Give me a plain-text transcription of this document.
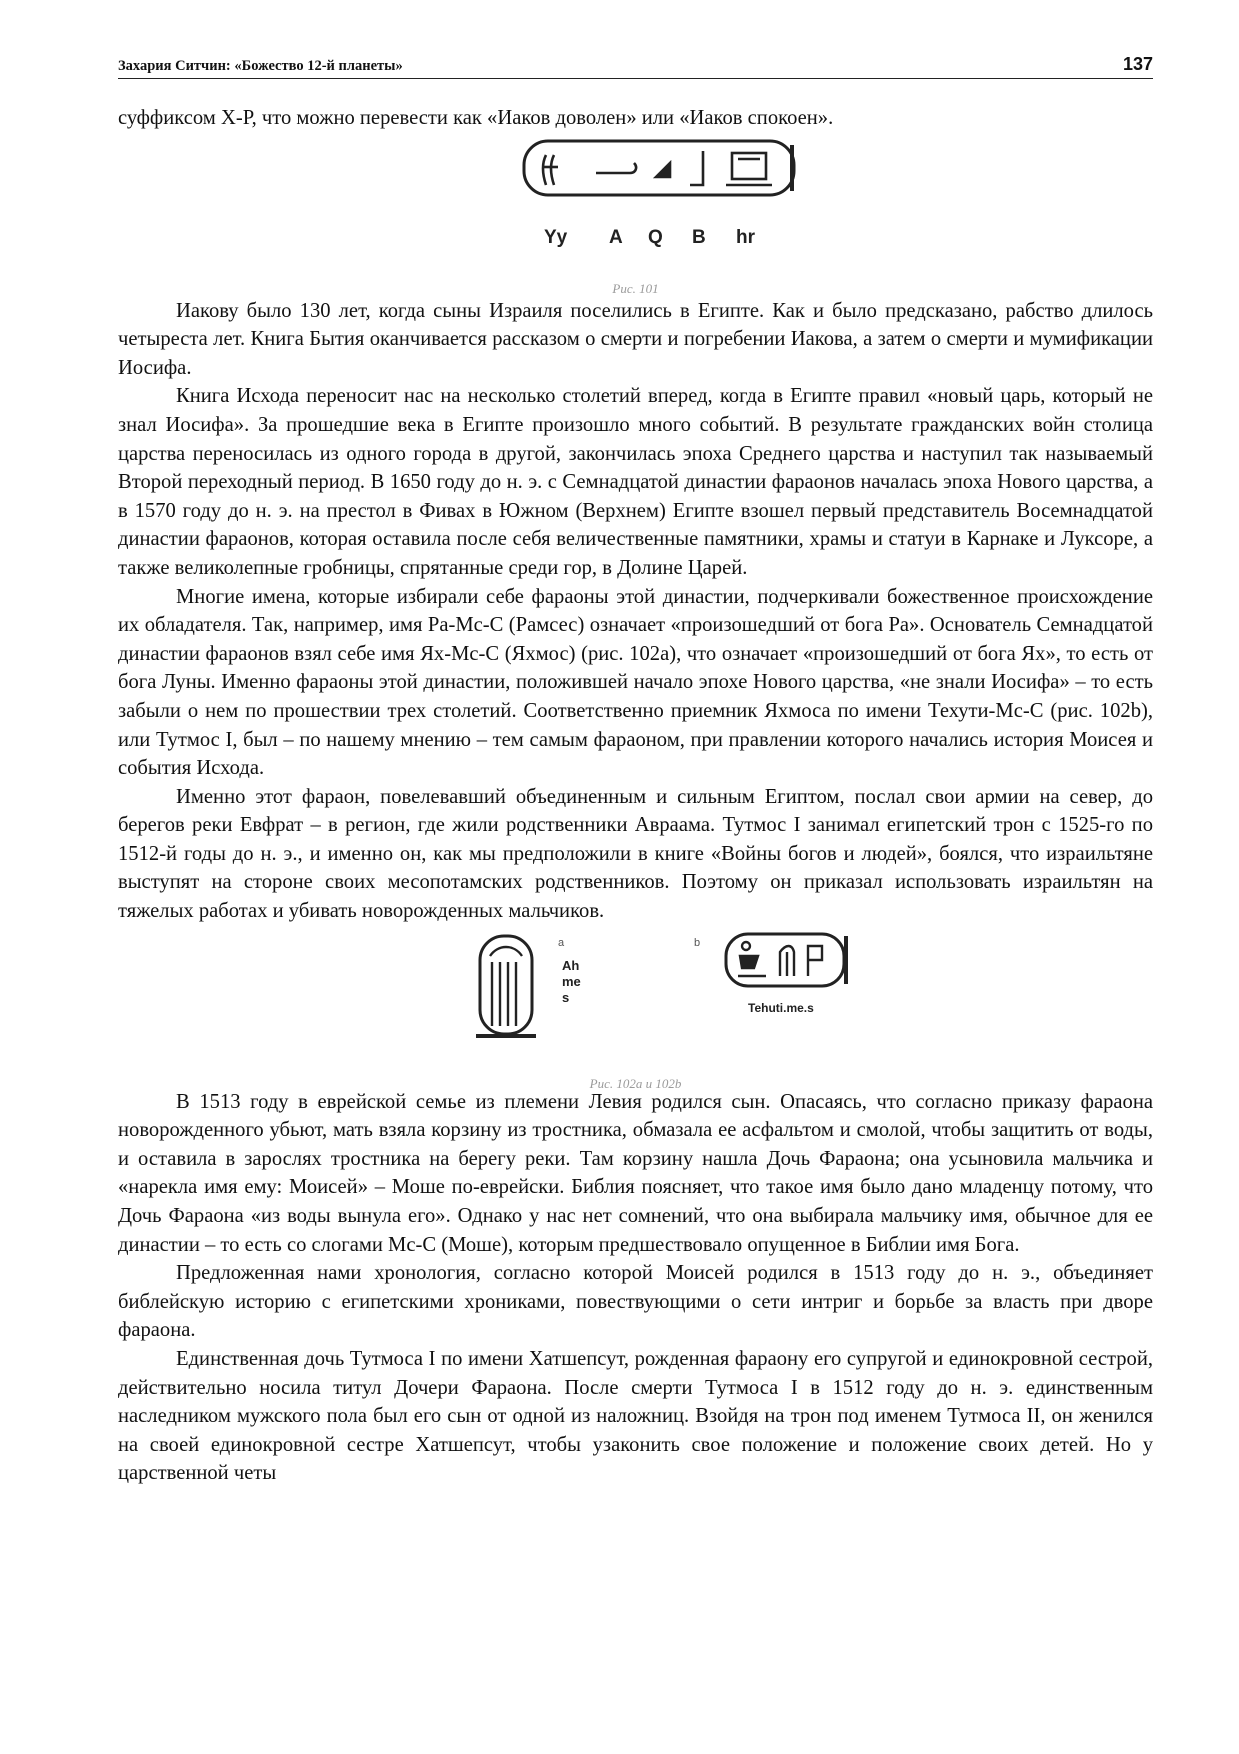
Захария Ситчин: «Божество 12-й планеты»	137

суффиксом Х-Р, что можно перевести как «Иаков доволен» или «Иаков спокоен».

Yy A Q B hr
Рис. 101

Иакову было 130 лет, когда сыны Израиля поселились в Египте. Как и было предсказано, рабство длилось четыреста лет. Книга Бытия оканчивается рассказом о смерти и погребении Иакова, а затем о смерти и мумификации Иосифа.

Книга Исхода переносит нас на несколько столетий вперед, когда в Египте правил «новый царь, который не знал Иосифа». За прошедшие века в Египте произошло много событий. В результате гражданских войн столица царства переносилась из одного города в другой, закончилась эпоха Среднего царства и наступил так называемый Второй переходный период. В 1650 году до н. э. с Семнадцатой династии фараонов началась эпоха Нового царства, а в 1570 году до н. э. на престол в Фивах в Южном (Верхнем) Египте взошел первый представитель Восемнадцатой династии фараонов, которая оставила после себя величественные памятники, храмы и статуи в Карнаке и Луксоре, а также великолепные гробницы, спрятанные среди гор, в Долине Царей.

Многие имена, которые избирали себе фараоны этой династии, подчеркивали божественное происхождение их обладателя. Так, например, имя Ра-Мс-С (Рамсес) означает «произошедший от бога Ра». Основатель Семнадцатой династии фараонов взял себе имя Ях-Мс-С (Яхмос) (рис. 102а), что означает «произошедший от бога Ях», то есть от бога Луны. Именно фараоны этой династии, положившей начало эпохе Нового царства, «не знали Иосифа» – то есть забыли о нем по прошествии трех столетий. Соответственно приемник Яхмоса по имени Техути-Мс-С (рис. 102b), или Тутмос I, был – по нашему мнению – тем самым фараоном, при правлении которого начались история Моисея и события Исхода.

Именно этот фараон, повелевавший объединенным и сильным Египтом, послал свои армии на север, до берегов реки Евфрат – в регион, где жили родственники Авраама. Тутмос I занимал египетский трон с 1525-го по 1512-й годы до н. э., и именно он, как мы предположили в книге «Войны богов и людей», боялся, что израильтяне выступят на стороне своих месопотамских родственников. Поэтому он приказал использовать израильтян на тяжелых работах и убивать новорожденных мальчиков.

a
Ah
me
s
b
Tehuti.me.s
Рис. 102a и 102b

В 1513 году в еврейской семье из племени Левия родился сын. Опасаясь, что согласно приказу фараона новорожденного убьют, мать взяла корзину из тростника, обмазала ее асфальтом и смолой, чтобы защитить от воды, и оставила в зарослях тростника на берегу реки. Там корзину нашла Дочь Фараона; она усыновила мальчика и «нарекла имя ему: Моисей» – Моше по-еврейски. Библия поясняет, что такое имя было дано младенцу потому, что Дочь Фараона «из воды вынула его». Однако у нас нет сомнений, что она выбирала мальчику имя, обычное для ее династии – то есть со слогами Мс-С (Моше), которым предшествовало опущенное в Библии имя Бога.

Предложенная нами хронология, согласно которой Моисей родился в 1513 году до н. э., объединяет библейскую историю с египетскими хрониками, повествующими о сети интриг и борьбе за власть при дворе фараона.

Единственная дочь Тутмоса I по имени Хатшепсут, рожденная фараону его супругой и единокровной сестрой, действительно носила титул Дочери Фараона. После смерти Тутмоса I в 1512 году до н. э. единственным наследником мужского пола был его сын от одной из наложниц. Взойдя на трон под именем Тутмоса II, он женился на своей единокровной сестре Хатшепсут, чтобы узаконить свое положение и положение своих детей. Но у царственной четы
